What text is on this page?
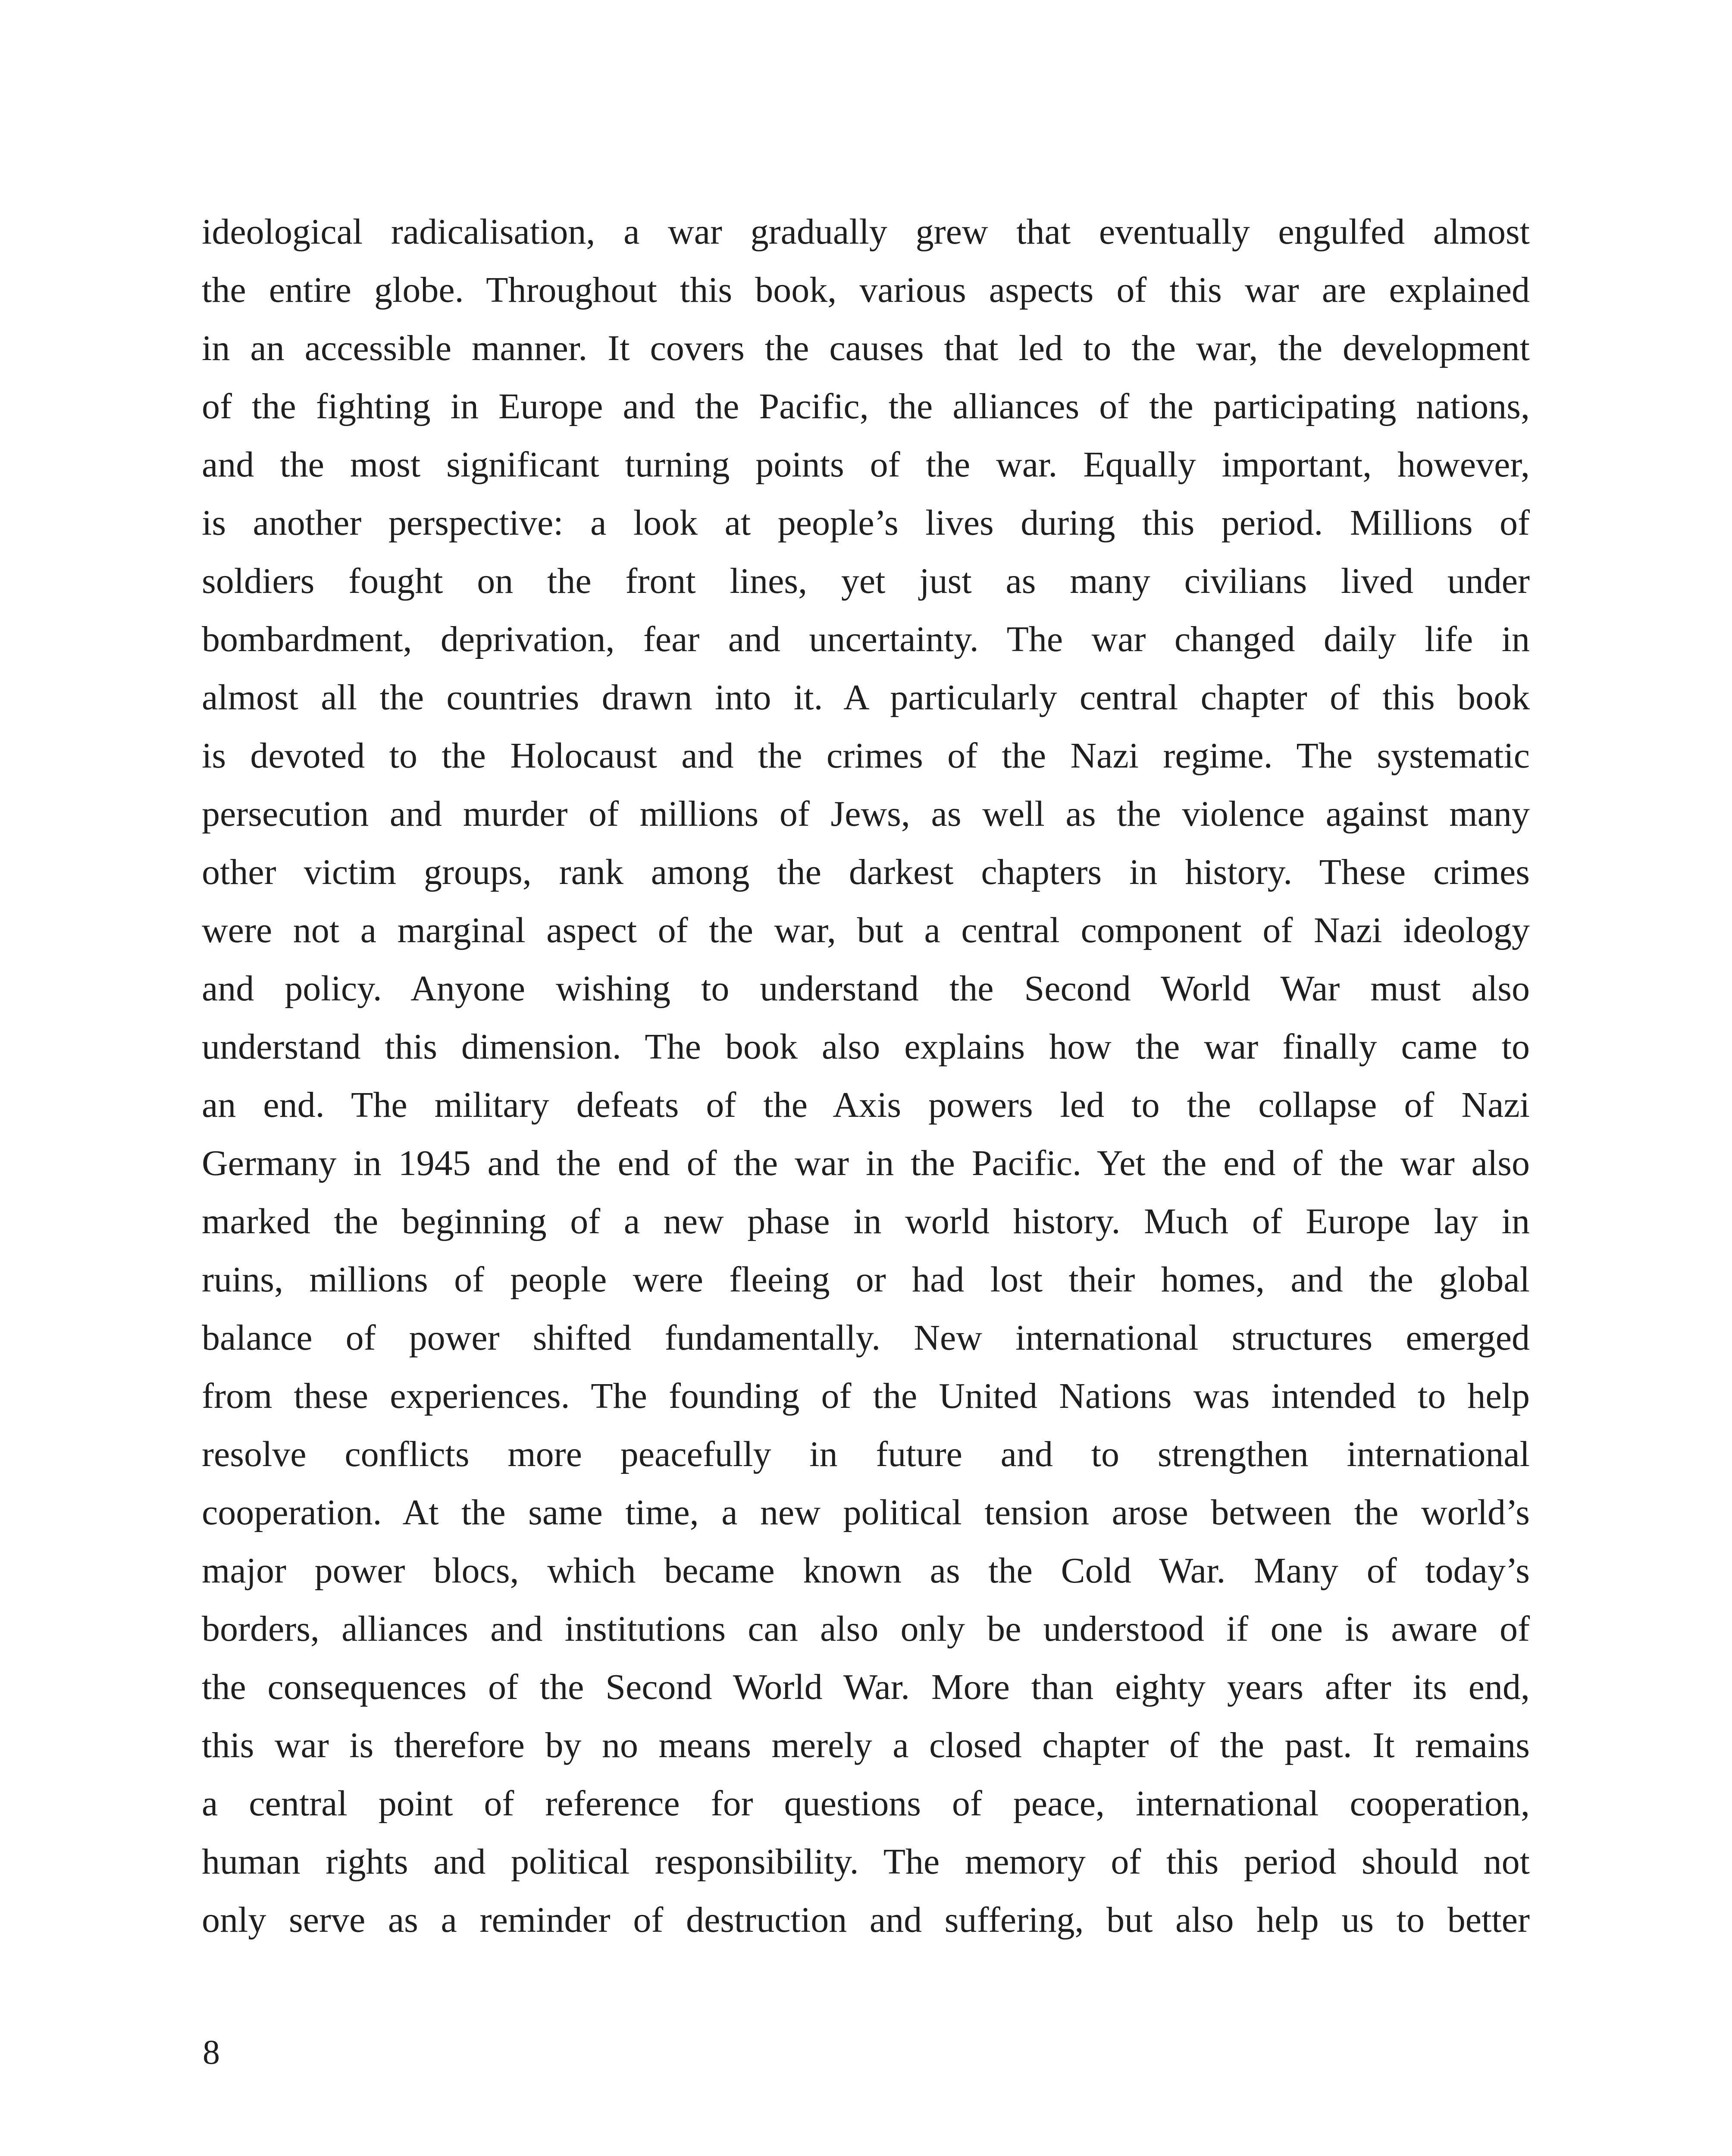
ideological radicalisation, a war gradually grew that eventually engulfed almost
the entire globe. Throughout this book, various aspects of this war are explained
in an accessible manner. It covers the causes that led to the war, the development
of the fighting in Europe and the Pacific, the alliances of the participating nations,
and the most significant turning points of the war. Equally important, however,
is another perspective: a look at people’s lives during this period. Millions of
soldiers fought on the front lines, yet just as many civilians lived under
bombardment, deprivation, fear and uncertainty. The war changed daily life in
almost all the countries drawn into it. A particularly central chapter of this book
is devoted to the Holocaust and the crimes of the Nazi regime. The systematic
persecution and murder of millions of Jews, as well as the violence against many
other victim groups, rank among the darkest chapters in history. These crimes
were not a marginal aspect of the war, but a central component of Nazi ideology
and policy. Anyone wishing to understand the Second World War must also
understand this dimension. The book also explains how the war finally came to
an end. The military defeats of the Axis powers led to the collapse of Nazi
Germany in 1945 and the end of the war in the Pacific. Yet the end of the war also
marked the beginning of a new phase in world history. Much of Europe lay in
ruins, millions of people were fleeing or had lost their homes, and the global
balance of power shifted fundamentally. New international structures emerged
from these experiences. The founding of the United Nations was intended to help
resolve conflicts more peacefully in future and to strengthen international
cooperation. At the same time, a new political tension arose between the world’s
major power blocs, which became known as the Cold War. Many of today’s
borders, alliances and institutions can also only be understood if one is aware of
the consequences of the Second World War. More than eighty years after its end,
this war is therefore by no means merely a closed chapter of the past. It remains
a central point of reference for questions of peace, international cooperation,
human rights and political responsibility. The memory of this period should not
only serve as a reminder of destruction and suffering, but also help us to better
8
